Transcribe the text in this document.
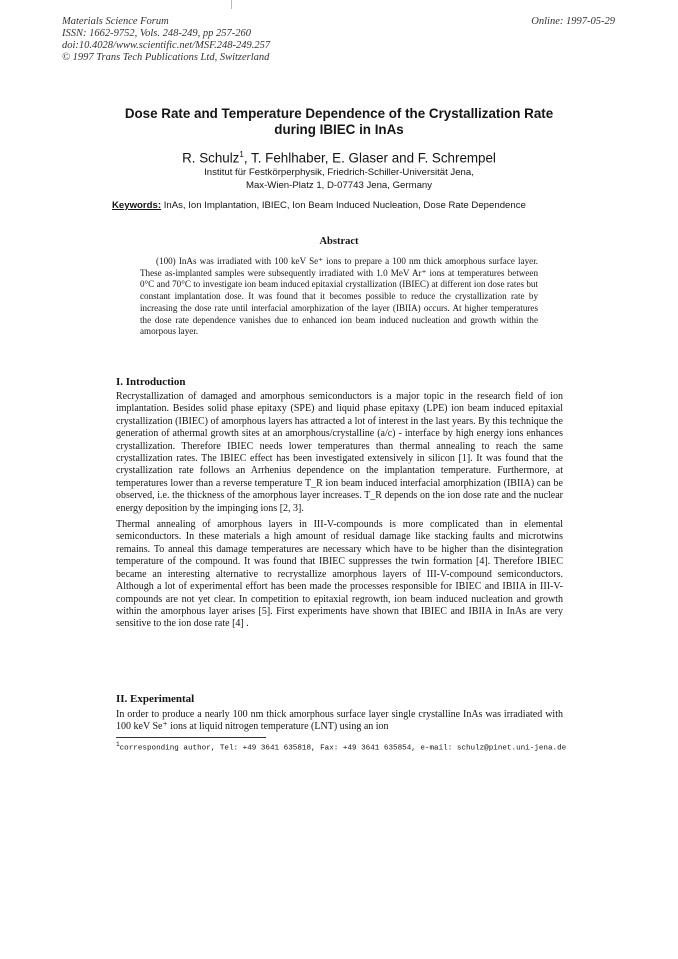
Materials Science Forum
ISSN: 1662-9752, Vols. 248-249, pp 257-260
doi:10.4028/www.scientific.net/MSF.248-249.257
© 1997 Trans Tech Publications Ltd, Switzerland
Online: 1997-05-29
Dose Rate and Temperature Dependence of the Crystallization Rate
during IBIEC in InAs
R. Schulz$^1$, T. Fehlhaber, E. Glaser and F. Schrempel
Institut für Festkörperphysik, Friedrich-Schiller-Universität Jena,
Max-Wien-Platz 1, D-07743 Jena, Germany
Keywords: InAs, Ion Implantation, IBIEC, Ion Beam Induced Nucleation, Dose Rate Dependence
Abstract
(100) InAs was irradiated with 100 keV Se⁺ ions to prepare a 100 nm thick amorphous surface layer. These as-implanted samples were subsequently irradiated with 1.0 MeV Ar⁺ ions at temperatures between 0°C and 70°C to investigate ion beam induced epitaxial crystallization (IBIEC) at different ion dose rates but constant implantation dose. It was found that it becomes possible to reduce the crystallization rate by increasing the dose rate until interfacial amorphization of the layer (IBIIA) occurs. At higher temperatures the dose rate dependence vanishes due to enhanced ion beam induced nucleation and growth within the amorpous layer.
I. Introduction

Recrystallization of damaged and amorphous semiconductors is a major topic in the research field of ion implantation. Besides solid phase epitaxy (SPE) and liquid phase epitaxy (LPE) ion beam induced epitaxial crystallization (IBIEC) of amorphous layers has attracted a lot of interest in the last years. By this technique the generation of athermal growth sites at an amorphous/crystalline (a/c) - interface by high energy ions enhances crystallization. Therefore IBIEC needs lower temperatures than thermal annealing to reach the same crystallization rates. The IBIEC effect has been investigated extensively in silicon [1]. It was found that the crystallization rate follows an Arrhenius dependence on the implantation temperature. Furthermore, at temperatures lower than a reverse temperature T_R ion beam induced interfacial amorphization (IBIIA) can be observed, i.e. the thickness of the amorphous layer increases. T_R depends on the ion dose rate and the nuclear energy deposition by the impinging ions [2, 3].

Thermal annealing of amorphous layers in III-V-compounds is more complicated than in elemental semiconductors. In these materials a high amount of residual damage like stacking faults and microtwins remains. To anneal this damage temperatures are necessary which have to be higher than the disintegration temperature of the compound. It was found that IBIEC suppresses the twin formation [4]. Therefore IBIEC became an interesting alternative to recrystallize amorphous layers of III-V-compound semiconductors. Although a lot of experimental effort has been made the processes responsible for IBIEC and IBIIA in III-V-compounds are not yet clear. In competition to epitaxial regrowth, ion beam induced nucleation and growth within the amorphous layer arises [5]. First experiments have shown that IBIEC and IBIIA in InAs are very sensitive to the ion dose rate [4] .

II. Experimental

In order to produce a nearly 100 nm thick amorphous surface layer single crystalline InAs was irradiated with 100 keV Se⁺ ions at liquid nitrogen temperature (LNT) using an ion

$^1$corresponding author, Tel: +49 3641 635818, Fax: +49 3641 635854, e-mail: schulz@pinet.uni-jena.de
